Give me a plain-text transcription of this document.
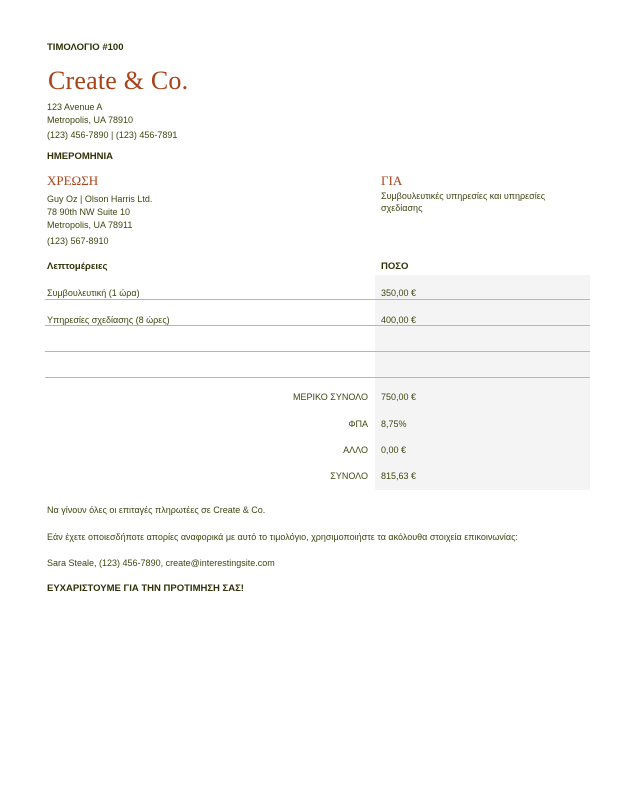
ΤΙΜΟΛΟΓΙΟ #100
Create & Co.
123 Avenue A
Metropolis, UA 78910
(123) 456-7890 | (123) 456-7891
ΗΜΕΡΟΜΗΝΙΑ
ΧΡΕΩΣΗ
Guy Oz | Olson Harris Ltd.
78 90th NW Suite 10
Metropolis, UA 78911
(123) 567-8910
ΓΙΑ
Συμβουλευτικές υπηρεσίες και υπηρεσίες σχεδίασης
Λεπτομέρειες	ΠΟΣΟ
Συμβουλευτική (1 ώρα)	350,00 €
Υπηρεσίες σχεδίασης (8 ώρες)	400,00 €
ΜΕΡΙΚΟ ΣΥΝΟΛΟ 750,00 €
ΦΠΑ 8,75%
ΑΛΛΟ 0,00 €
ΣΥΝΟΛΟ 815,63 €
Να γίνουν όλες οι επιταγές πληρωτέες σε Create & Co.
Εάν έχετε οποιεσδήποτε απορίες αναφορικά με αυτό το τιμολόγιο, χρησιμοποιήστε τα ακόλουθα στοιχεία επικοινωνίας:
Sara Steale, (123) 456-7890, create@interestingsite.com
ΕΥΧΑΡΙΣΤΟΥΜΕ ΓΙΑ ΤΗΝ ΠΡΟΤΙΜΗΣΗ ΣΑΣ!
